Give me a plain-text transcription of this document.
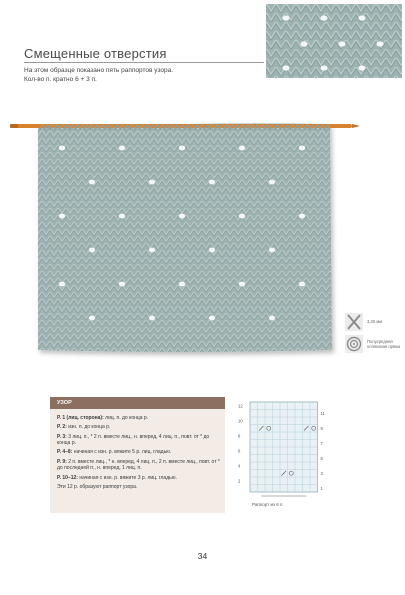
Смещенные отверстия
На этом образце показано пять раппортов узора.
Кол-во п. кратно 6 + 3 п.
3,25 мм
Полусредняя
хлопковая пряжа
УЗОР
Р. 1 (лиц. сторона): лиц. п. до конца р.
Р. 2: изн. п. до конца р.
Р. 3: 3 лиц. п., * 2 п. вместе лиц., н. вперед, 4 лиц. п., повт. от * до конца р.
Р. 4–8: начиная с изн. р. вяжите 5 р. лиц. гладью.
Р. 9: 2 п. вместе лиц., * н. вперед, 4 лиц. п., 2 п. вместе лиц., повт. от * до последней п., н. вперед, 1 лиц. п.
Р. 10–12: начиная с изн. р. вяжите 3 р. лиц. гладью.
Эти 12 р. образуют раппорт узора.
12
10
8
6
4
2
11
9
7
5
3
1
Раппорт из 6 п.
34
